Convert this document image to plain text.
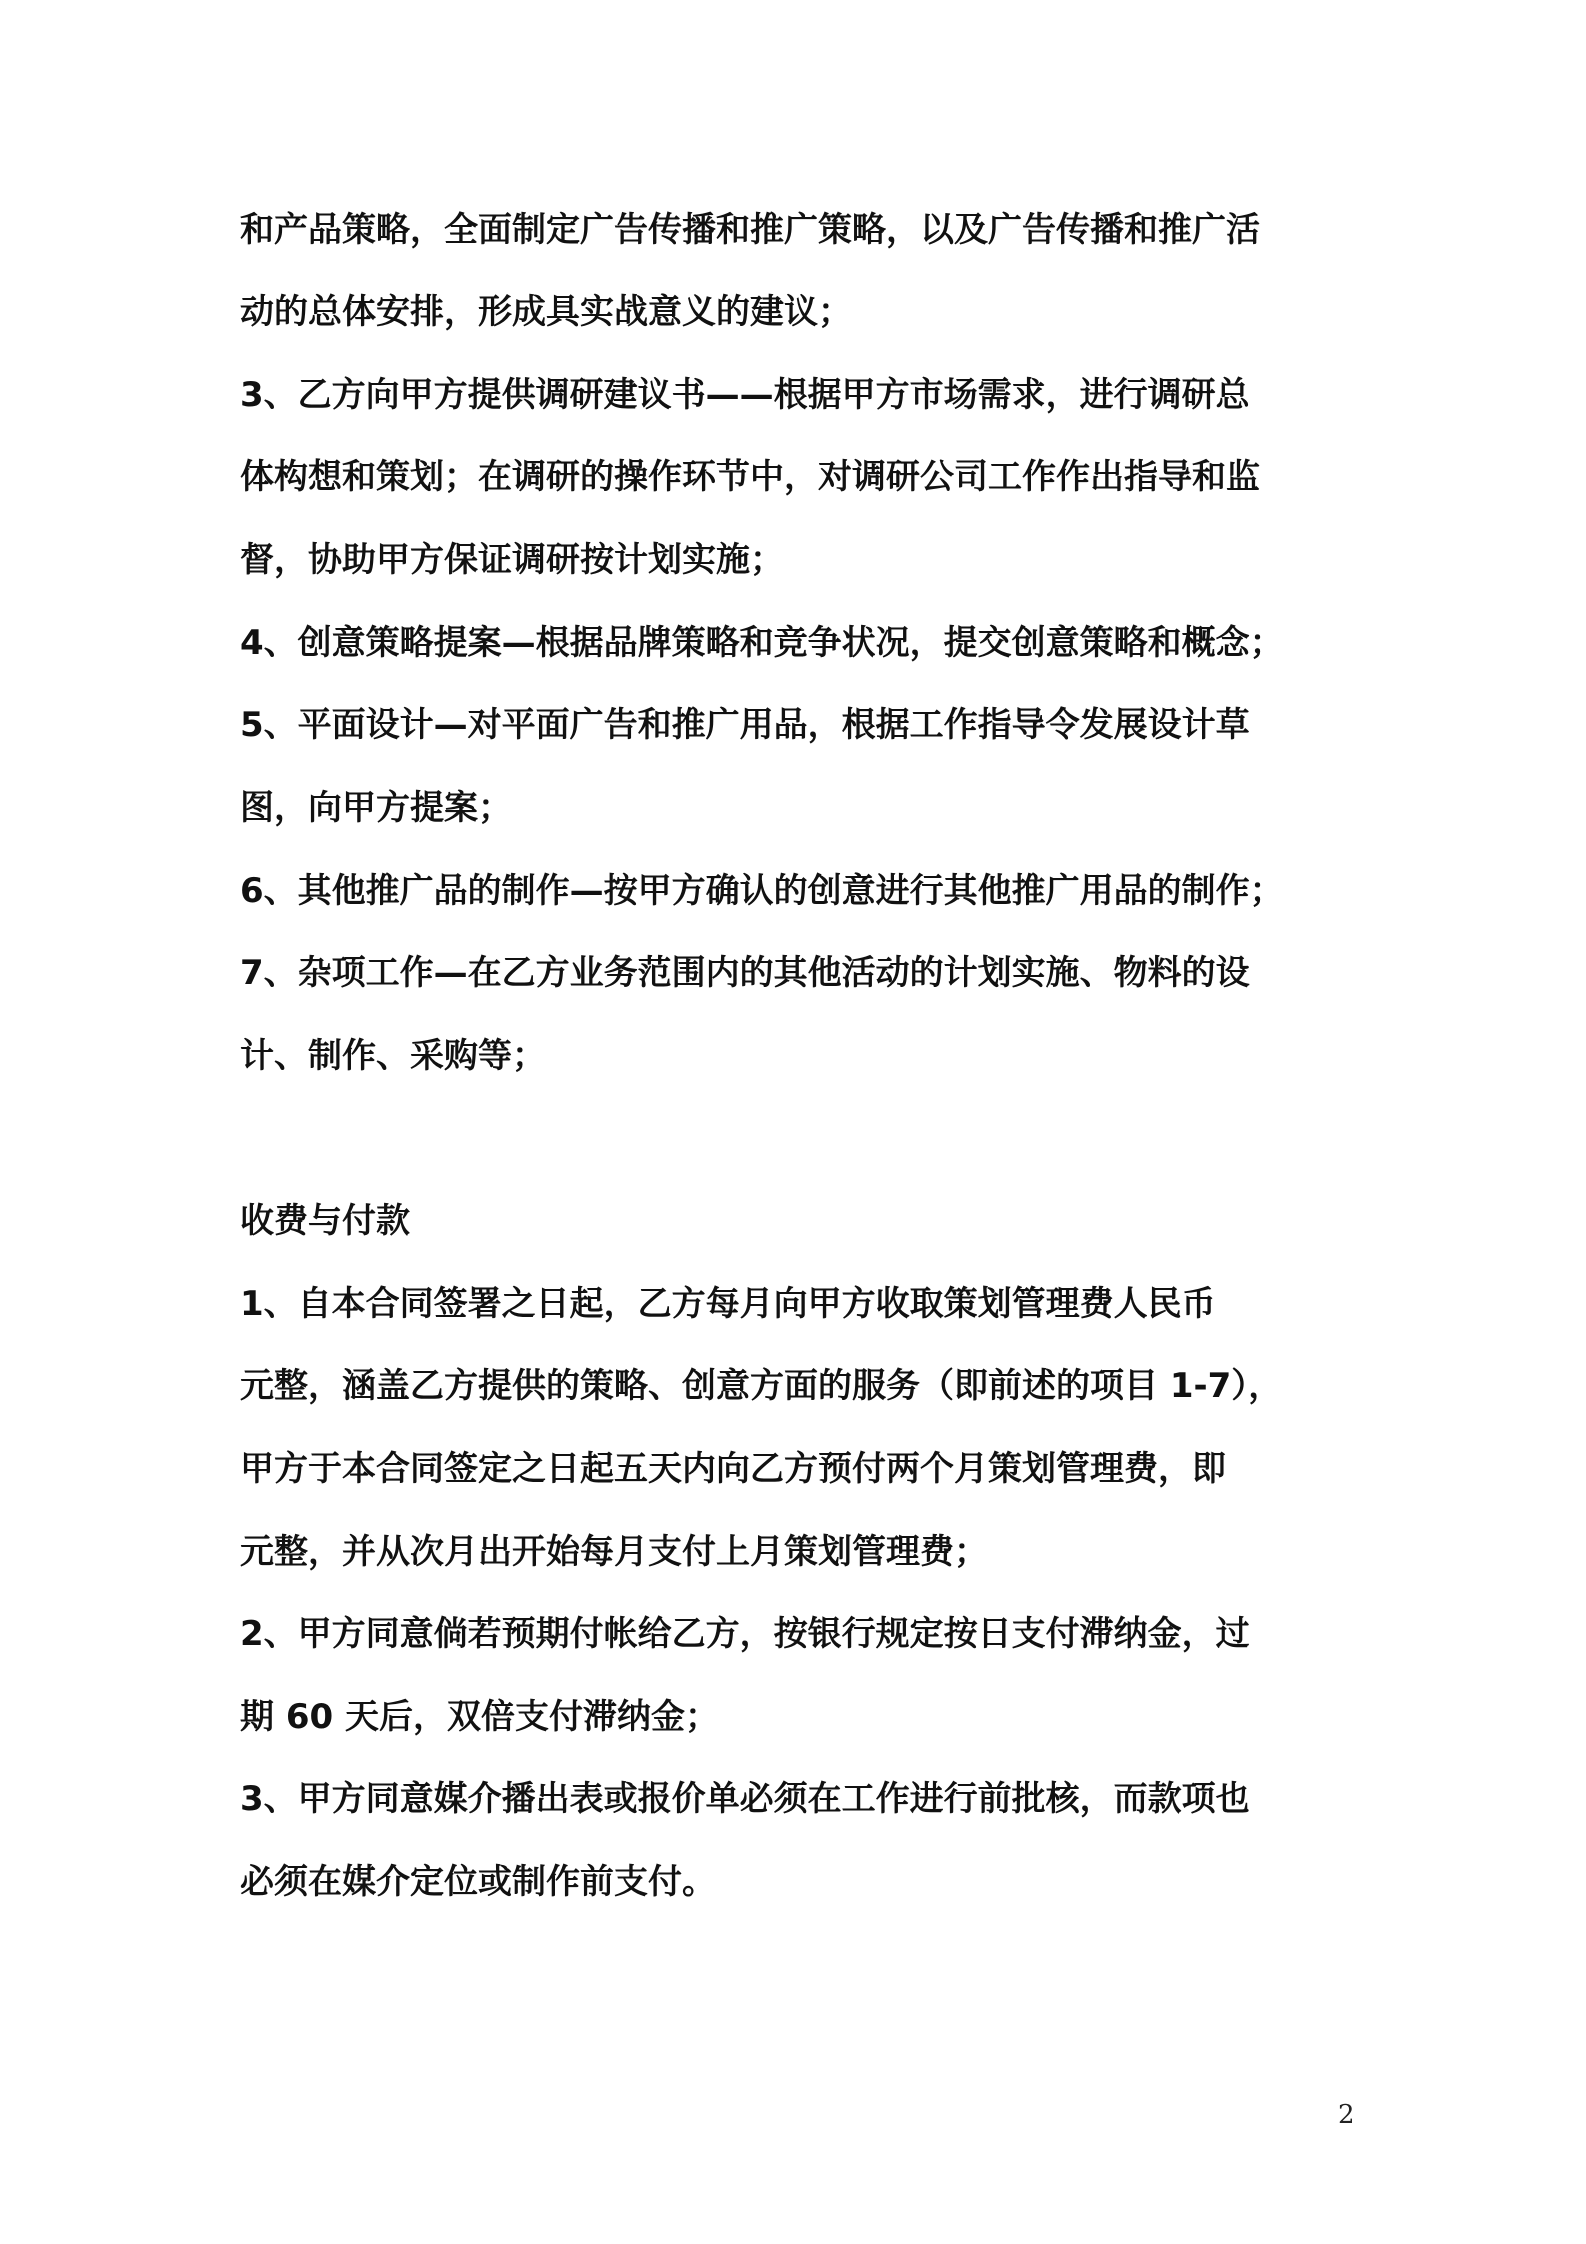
和产品策略，全面制定广告传播和推广策略，以及广告传播和推广活
动的总体安排，形成具实战意义的建议；
3、乙方向甲方提供调研建议书——根据甲方市场需求，进行调研总
体构想和策划；在调研的操作环节中，对调研公司工作作出指导和监
督，协助甲方保证调研按计划实施；
4、创意策略提案—根据品牌策略和竞争状况，提交创意策略和概念；
5、平面设计—对平面广告和推广用品，根据工作指导令发展设计草
图，向甲方提案；
6、其他推广品的制作—按甲方确认的创意进行其他推广用品的制作；
7、杂项工作—在乙方业务范围内的其他活动的计划实施、物料的设
计、制作、采购等；
收费与付款
1、自本合同签署之日起，乙方每月向甲方收取策划管理费人民币
元整，涵盖乙方提供的策略、创意方面的服务（即前述的项目 1-7），
甲方于本合同签定之日起五天内向乙方预付两个月策划管理费，即
元整，并从次月出开始每月支付上月策划管理费；
2、甲方同意倘若预期付帐给乙方，按银行规定按日支付滞纳金，过
期 60 天后，双倍支付滞纳金；
3、甲方同意媒介播出表或报价单必须在工作进行前批核，而款项也
必须在媒介定位或制作前支付。
2
